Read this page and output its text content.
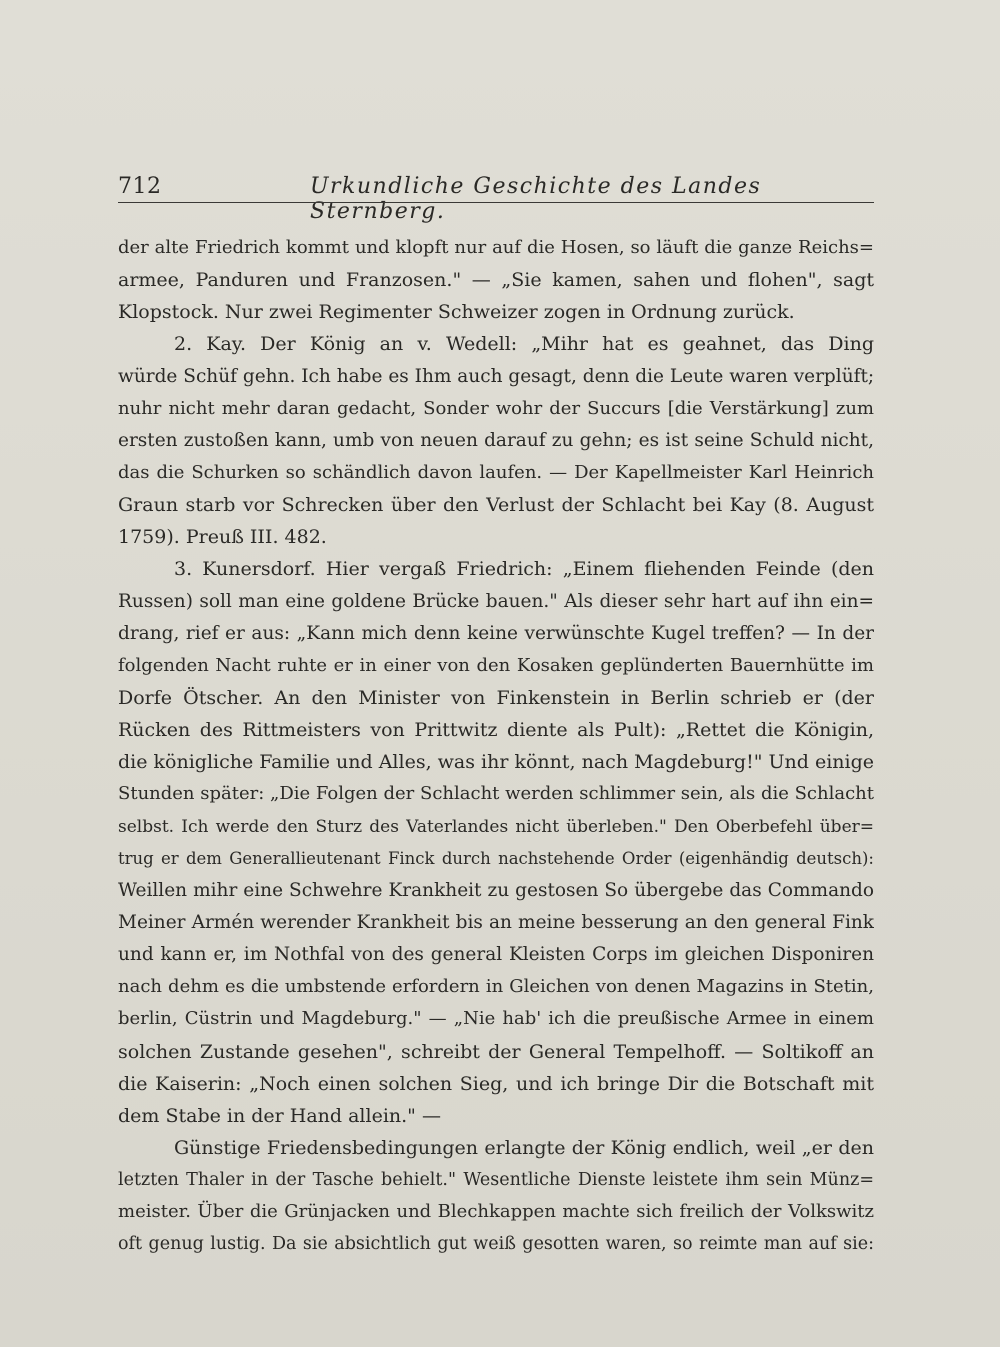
712	Urkundliche Geschichte des Landes Sternberg.
der alte Friedrich kommt und klopft nur auf die Hosen, so läuft die ganze Reichs=
armee, Panduren und Franzosen." — „Sie kamen, sahen und flohen", sagt
Klopstock. Nur zwei Regimenter Schweizer zogen in Ordnung zurück.
2. Kay. Der König an v. Wedell: „Mihr hat es geahnet, das Ding
würde Schüf gehn. Ich habe es Ihm auch gesagt, denn die Leute waren verplüft;
nuhr nicht mehr daran gedacht, Sonder wohr der Succurs [die Verstärkung] zum
ersten zustoßen kann, umb von neuen darauf zu gehn; es ist seine Schuld nicht,
das die Schurken so schändlich davon laufen. — Der Kapellmeister Karl Heinrich
Graun starb vor Schrecken über den Verlust der Schlacht bei Kay (8. August
1759). Preuß III. 482.
3. Kunersdorf. Hier vergaß Friedrich: „Einem fliehenden Feinde (den
Russen) soll man eine goldene Brücke bauen." Als dieser sehr hart auf ihn ein=
drang, rief er aus: „Kann mich denn keine verwünschte Kugel treffen? — In der
folgenden Nacht ruhte er in einer von den Kosaken geplünderten Bauernhütte im
Dorfe Ötscher. An den Minister von Finkenstein in Berlin schrieb er (der
Rücken des Rittmeisters von Prittwitz diente als Pult): „Rettet die Königin,
die königliche Familie und Alles, was ihr könnt, nach Magdeburg!" Und einige
Stunden später: „Die Folgen der Schlacht werden schlimmer sein, als die Schlacht
selbst. Ich werde den Sturz des Vaterlandes nicht überleben." Den Oberbefehl über=
trug er dem Generallieutenant Finck durch nachstehende Order (eigenhändig deutsch):
Weillen mihr eine Schwehre Krankheit zu gestosen So übergebe das Commando
Meiner Armén werender Krankheit bis an meine besserung an den general Fink
und kann er, im Nothfal von des general Kleisten Corps im gleichen Disponiren
nach dehm es die umbstende erfordern in Gleichen von denen Magazins in Stetin,
berlin, Cüstrin und Magdeburg." — „Nie hab' ich die preußische Armee in einem
solchen Zustande gesehen", schreibt der General Tempelhoff. — Soltikoff an
die Kaiserin: „Noch einen solchen Sieg, und ich bringe Dir die Botschaft mit
dem Stabe in der Hand allein." —
Günstige Friedensbedingungen erlangte der König endlich, weil „er den
letzten Thaler in der Tasche behielt." Wesentliche Dienste leistete ihm sein Münz=
meister. Über die Grünjacken und Blechkappen machte sich freilich der Volkswitz
oft genug lustig. Da sie absichtlich gut weiß gesotten waren, so reimte man auf sie:
